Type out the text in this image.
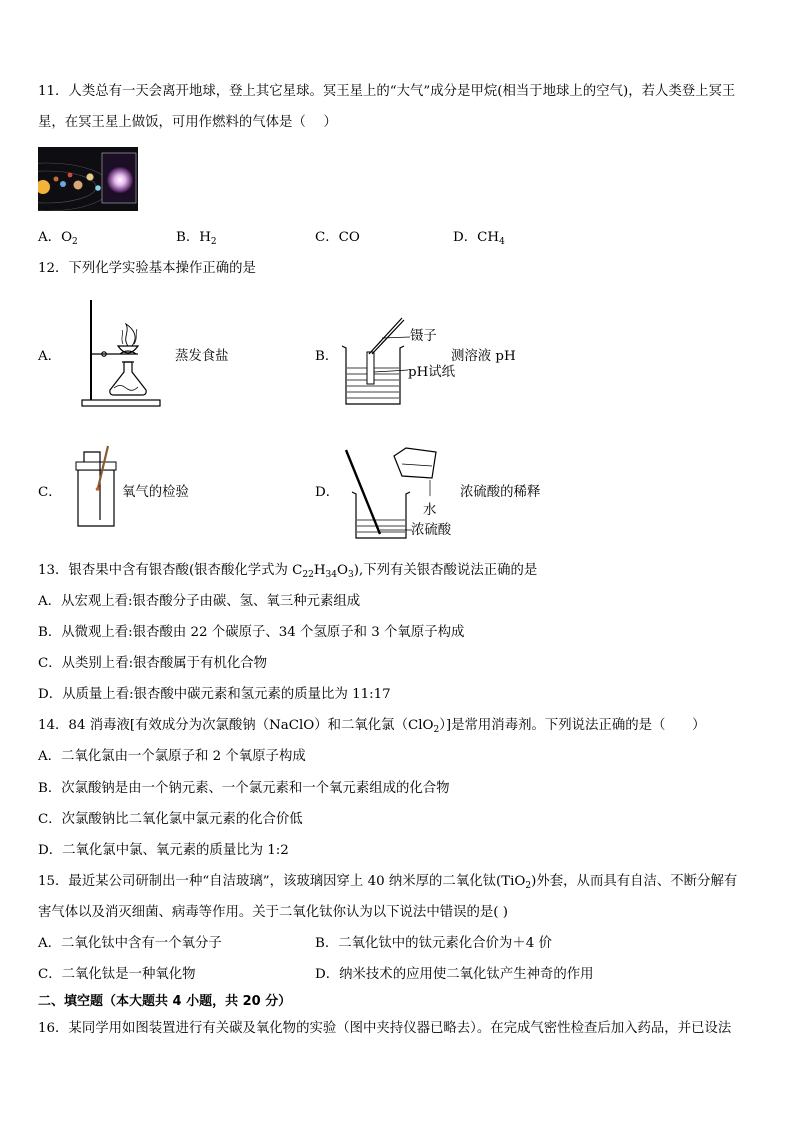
11．人类总有一天会离开地球，登上其它星球。冥王星上的“大气”成分是甲烷(相当于地球上的空气)，若人类登上冥王
星，在冥王星上做饭，可用作燃料的气体是（　 ）
A．$O_2$	B．$H_2$	C．CO	D．$CH_4$
12．下列化学实验基本操作正确的是
A．	蒸发食盐	B．
镊子
测溶液 pH
pH试纸
C．	氧气的检验	D．
水
浓硫酸的稀释
浓硫酸
13．银杏果中含有银杏酸(银杏酸化学式为 $C_{22}H_{34}O_3$),下列有关银杏酸说法正确的是
A．从宏观上看:银杏酸分子由碳、氢、氧三种元素组成
B．从微观上看:银杏酸由 22 个碳原子、34 个氢原子和 3 个氧原子构成
C．从类别上看:银杏酸属于有机化合物
D．从质量上看:银杏酸中碳元素和氢元素的质量比为 11:17
14．84 消毒液[有效成分为次氯酸钠（NaClO）和二氧化氯（ClO$_2$）]是常用消毒剂。下列说法正确的是（　　）
A．二氧化氯由一个氯原子和 2 个氧原子构成
B．次氯酸钠是由一个钠元素、一个氯元素和一个氧元素组成的化合物
C．次氯酸钠比二氧化氯中氯元素的化合价低
D．二氧化氯中氯、氧元素的质量比为 1:2
15．最近某公司研制出一种“自洁玻璃”，该玻璃因穿上 40 纳米厚的二氧化钛(TiO$_2$)外套，从而具有自洁、不断分解有
害气体以及消灭细菌、病毒等作用。关于二氧化钛你认为以下说法中错误的是( )
A．二氧化钛中含有一个氧分子	B．二氧化钛中的钛元素化合价为＋4 价
C．二氧化钛是一种氧化物	D．纳米技术的应用使二氧化钛产生神奇的作用
二、填空题（本大题共 4 小题，共 20 分）
16．某同学用如图装置进行有关碳及氧化物的实验（图中夹持仪器已略去）。在完成气密性检查后加入药品，并已设法
